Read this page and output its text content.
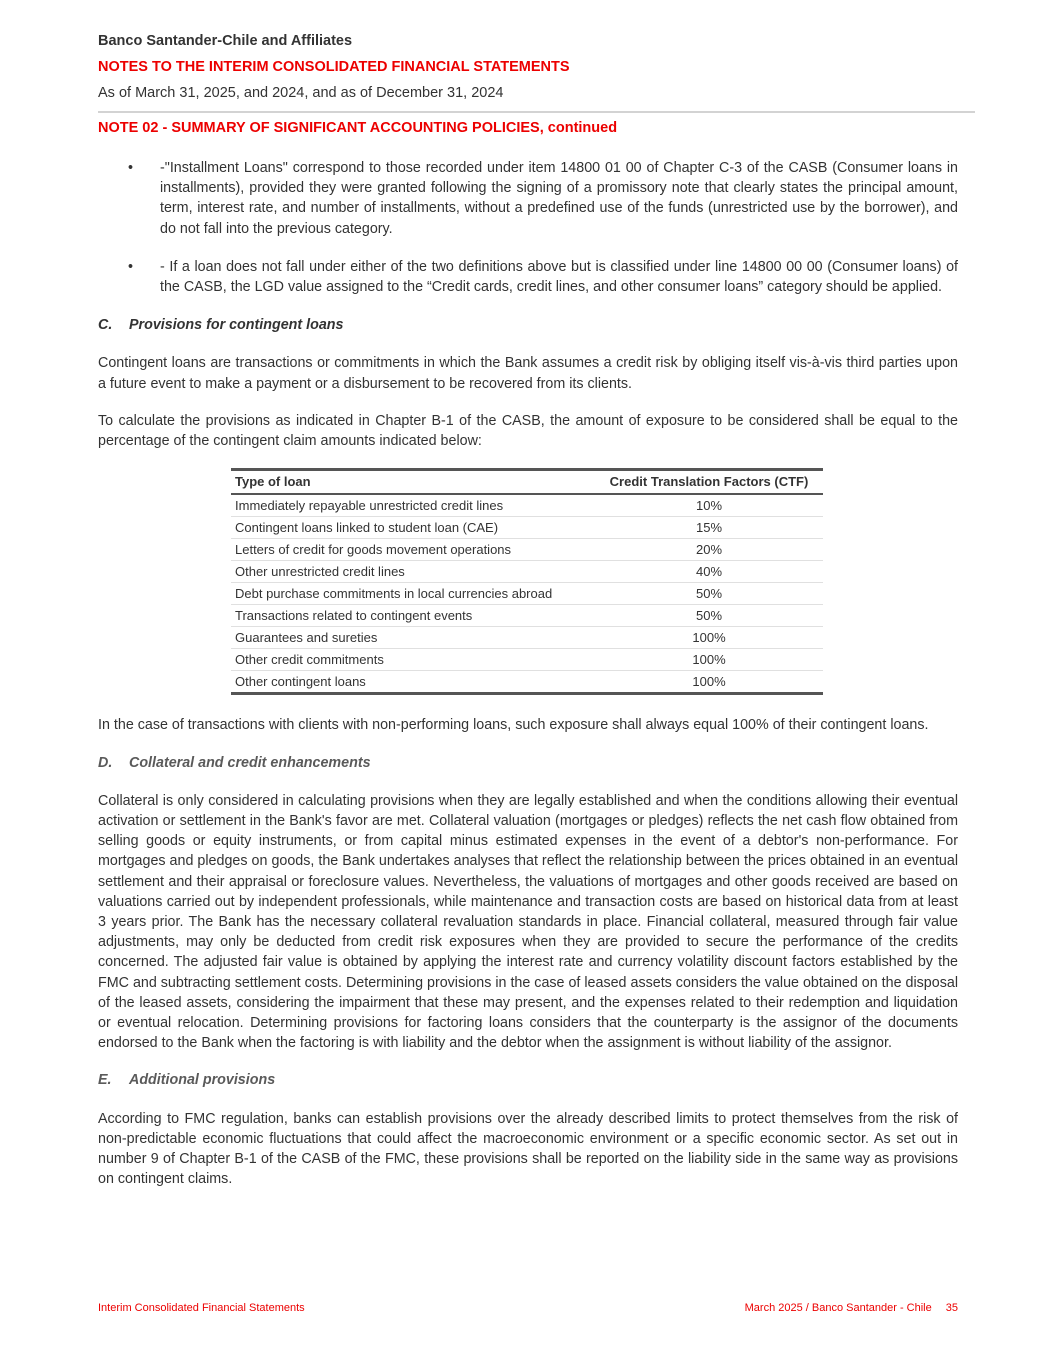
Banco Santander-Chile and Affiliates

NOTES TO THE INTERIM CONSOLIDATED FINANCIAL STATEMENTS

As of March 31, 2025, and 2024, and as of December 31, 2024

NOTE 02 - SUMMARY OF SIGNIFICANT ACCOUNTING POLICIES, continued
• -"Installment Loans" correspond to those recorded under item 14800 01 00 of Chapter C-3 of the CASB (Consumer loans in installments), provided they were granted following the signing of a promissory note that clearly states the principal amount, term, interest rate, and number of installments, without a predefined use of the funds (unrestricted use by the borrower), and do not fall into the previous category.
• - If a loan does not fall under either of the two definitions above but is classified under line 14800 00 00 (Consumer loans) of the CASB, the LGD value assigned to the “Credit cards, credit lines, and other consumer loans” category should be applied.
C. Provisions for contingent loans

Contingent loans are transactions or commitments in which the Bank assumes a credit risk by obliging itself vis-à-vis third parties upon a future event to make a payment or a disbursement to be recovered from its clients.

To calculate the provisions as indicated in Chapter B-1 of the CASB, the amount of exposure to be considered shall be equal to the percentage of the contingent claim amounts indicated below:

Type of loan	Credit Translation Factors (CTF)
Immediately repayable unrestricted credit lines	10%
Contingent loans linked to student loan (CAE)	15%
Letters of credit for goods movement operations	20%
Other unrestricted credit lines	40%
Debt purchase commitments in local currencies abroad	50%
Transactions related to contingent events	50%
Guarantees and sureties	100%
Other credit commitments	100%
Other contingent loans	100%

In the case of transactions with clients with non-performing loans, such exposure shall always equal 100% of their contingent loans.

D. Collateral and credit enhancements

Collateral is only considered in calculating provisions when they are legally established and when the conditions allowing their eventual activation or settlement in the Bank's favor are met. Collateral valuation (mortgages or pledges) reflects the net cash flow obtained from selling goods or equity instruments, or from capital minus estimated expenses in the event of a debtor's non-performance. For mortgages and pledges on goods, the Bank undertakes analyses that reflect the relationship between the prices obtained in an eventual settlement and their appraisal or foreclosure values. Nevertheless, the valuations of mortgages and other goods received are based on valuations carried out by independent professionals, while maintenance and transaction costs are based on historical data from at least 3 years prior. The Bank has the necessary collateral revaluation standards in place. Financial collateral, measured through fair value adjustments, may only be deducted from credit risk exposures when they are provided to secure the performance of the credits concerned. The adjusted fair value is obtained by applying the interest rate and currency volatility discount factors established by the FMC and subtracting settlement costs. Determining provisions in the case of leased assets considers the value obtained on the disposal of the leased assets, considering the impairment that these may present, and the expenses related to their redemption and liquidation or eventual relocation. Determining provisions for factoring loans considers that the counterparty is the assignor of the documents endorsed to the Bank when the factoring is with liability and the debtor when the assignment is without liability of the assignor.

E. Additional provisions

According to FMC regulation, banks can establish provisions over the already described limits to protect themselves from the risk of non-predictable economic fluctuations that could affect the macroeconomic environment or a specific economic sector. As set out in number 9 of Chapter B-1 of the CASB of the FMC, these provisions shall be reported on the liability side in the same way as provisions on contingent claims.

Interim Consolidated Financial Statements	March 2025 / Banco Santander - Chile 35
